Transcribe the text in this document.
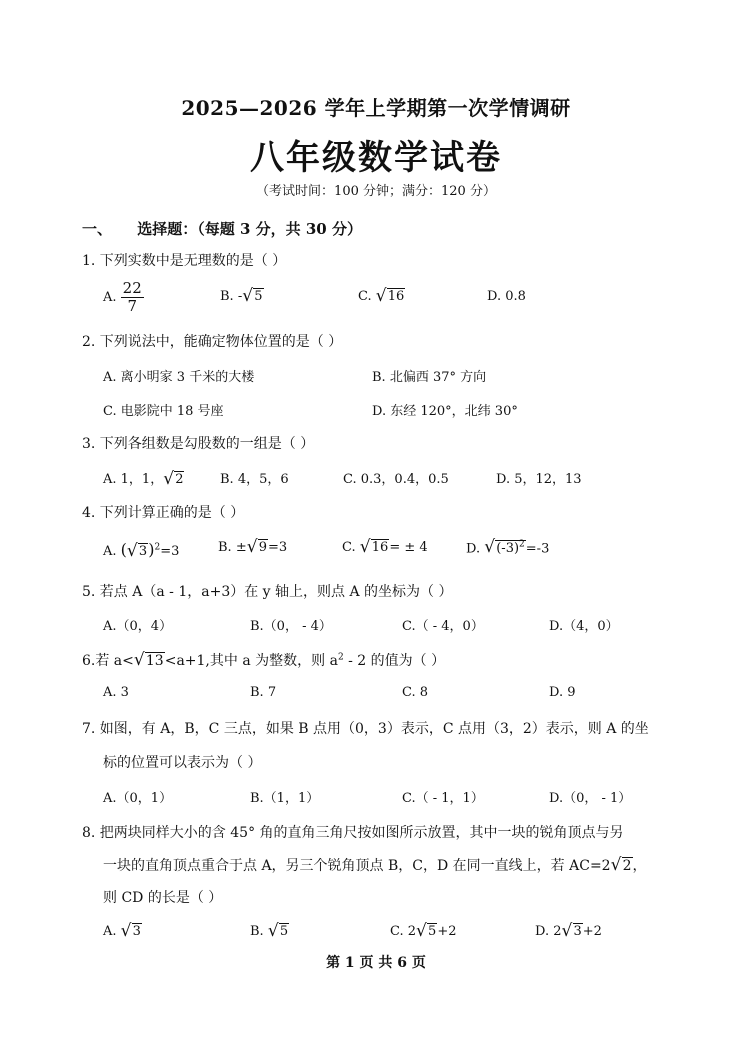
2025—2026 学年上学期第一次学情调研
八年级数学试卷
（考试时间：100 分钟；满分：120 分）
一、 选择题：（每题 3 分，共 30 分）
1. 下列实数中是无理数的是（ ）
A. $\frac{22}{7}$	B. - √ 5	C. √ 16	D. 0.8
2. 下列说法中，能确定物体位置的是（ ）
A. 离小明家 3 千米的大楼	B. 北偏西 37° 方向
C. 电影院中 18 号座	D. 东经 120°，北纬 30°
3. 下列各组数是勾股数的一组是（ ）
A. 1，1， √ 2	B. 4，5，6	C. 0.3，0.4，0.5	D. 5，12，13
4. 下列计算正确的是（ ）
A. ( √ 3)$^2$=3	B. ± √ 9=3	C. √ 16= ± 4	D. √ $(-3)^2=-3$
5. 若点 A（a - 1，a+3）在 y 轴上，则点 A 的坐标为（ ）
A.（0，4）	B.（0， - 4）	C.（ - 4，0）	D.（4，0）
6.若 a< √ 13<a+1,其中 a 为整数，则 $a^2 - 2$ 的值为（ ）
A. 3	B. 7	C. 8	D. 9
7. 如图，有 A，B，C 三点，如果 B 点用（0，3）表示，C 点用（3，2）表示，则 A 的坐
标的位置可以表示为（ ）
A.（0，1）	B.（1，1）	C.（ - 1，1）	D.（0， - 1）
8. 把两块同样大小的含 45° 角的直角三角尺按如图所示放置，其中一块的锐角顶点与另
一块的直角顶点重合于点 A，另三个锐角顶点 B，C，D 在同一直线上，若 AC=2 √ 2，
则 CD 的长是（ ）
A. √ 3	B. √ 5	C. 2 √ 5+2	D. 2 √ 3+2
第 1 页 共 6 页
